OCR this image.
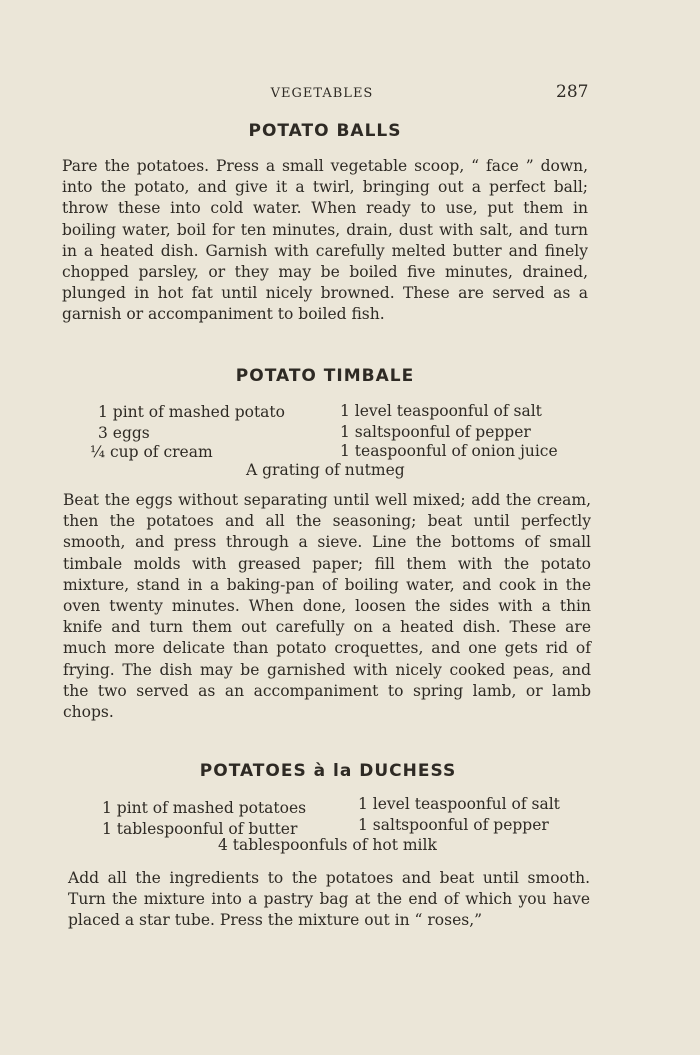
VEGETABLES	287
POTATO BALLS

Pare the potatoes. Press a small vegetable scoop, “ face ” down, into the potato, and give it a twirl, bringing out a perfect ball; throw these into cold water. When ready to use, put them in boiling water, boil for ten minutes, drain, dust with salt, and turn in a heated dish. Garnish with carefully melted butter and finely chopped parsley, or they may be boiled five minutes, drained, plunged in hot fat until nicely browned. These are served as a garnish or accompaniment to boiled fish.

POTATO TIMBALE
1 pint of mashed potato
3 eggs
¼ cup of cream
1 level teaspoonful of salt
1 saltspoonful of pepper
1 teaspoonful of onion juice
A grating of nutmeg

Beat the eggs without separating until well mixed; add the cream, then the potatoes and all the seasoning; beat until perfectly smooth, and press through a sieve. Line the bottoms of small timbale molds with greased paper; fill them with the potato mixture, stand in a baking-pan of boiling water, and cook in the oven twenty minutes. When done, loosen the sides with a thin knife and turn them out carefully on a heated dish. These are much more delicate than potato croquettes, and one gets rid of frying. The dish may be garnished with nicely cooked peas, and the two served as an accompaniment to spring lamb, or lamb chops.

POTATOES à la DUCHESS
1 pint of mashed potatoes
1 tablespoonful of butter
1 level teaspoonful of salt
1 saltspoonful of pepper
4 tablespoonfuls of hot milk

Add all the ingredients to the potatoes and beat until smooth. Turn the mixture into a pastry bag at the end of which you have placed a star tube. Press the mixture out in “ roses,”
